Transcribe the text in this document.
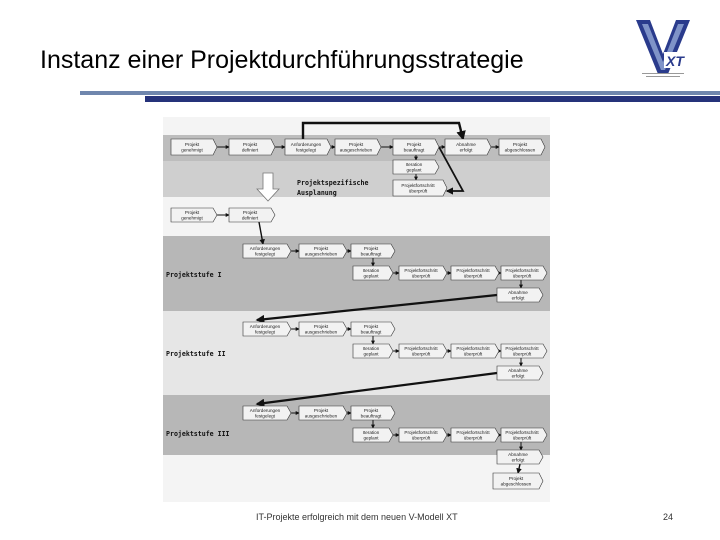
Instanz einer Projektdurchführungsstrategie	XT
Projekt
genehmigt
Projekt
definiert
Anforderungen
festgelegt
Projekt
ausgeschrieben
Projekt
beauftragt
Abnahme
erfolgt
Projekt
abgeschlossen
Iteration
geplant
Projektfortschritt
überprüft
Projekt
genehmigt
Projekt
definiert
Anforderungen
festgelegt
Projekt
ausgeschrieben
Projekt
beauftragt
Iteration
geplant
Projektfortschritt
überprüft
Projektfortschritt
überprüft
Projektfortschritt
überprüft
Abnahme
erfolgt
Anforderungen
festgelegt
Projekt
ausgeschrieben
Projekt
beauftragt
Iteration
geplant
Projektfortschritt
überprüft
Projektfortschritt
überprüft
Projektfortschritt
überprüft
Abnahme
erfolgt
Anforderungen
festgelegt
Projekt
ausgeschrieben
Projekt
beauftragt
Iteration
geplant
Projektfortschritt
überprüft
Projektfortschritt
überprüft
Projektfortschritt
überprüft
Abnahme
erfolgt
Projekt
abgeschlossen
Projektspezifische
Ausplanung
Projektstufe I
Projektstufe II
Projektstufe III
IT-Projekte erfolgreich mit dem neuen V-Modell XT	24
